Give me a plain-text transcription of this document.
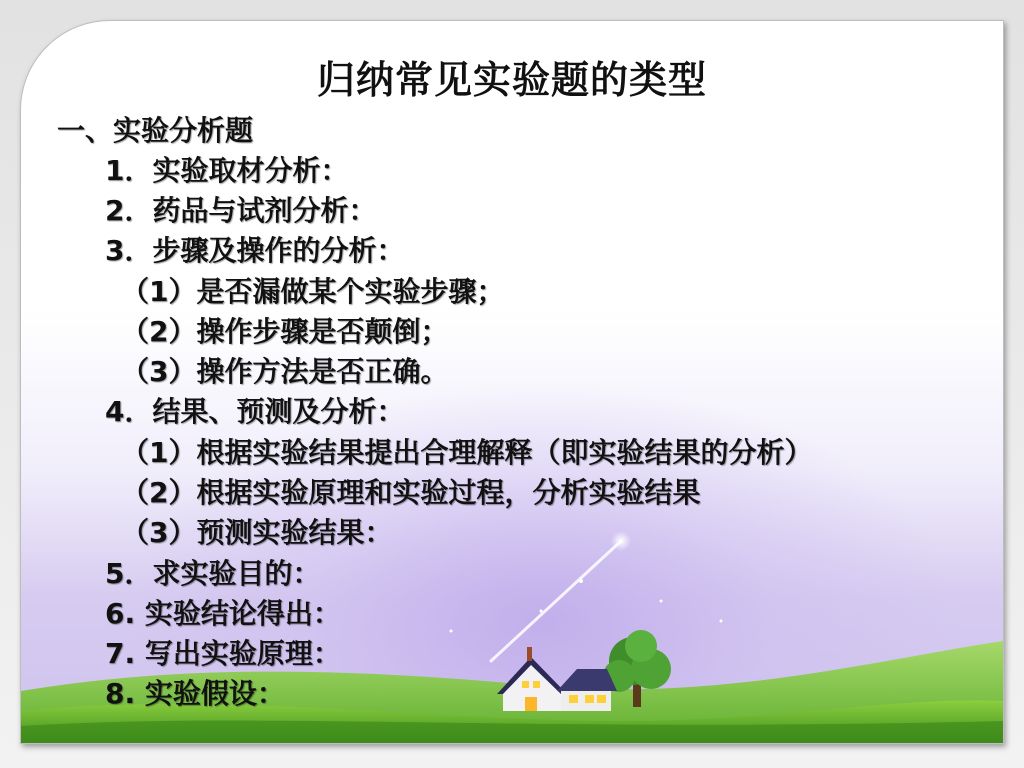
归纳常见实验题的类型
一、实验分析题
1．实验取材分析：
2．药品与试剂分析：
3．步骤及操作的分析：
（1）是否漏做某个实验步骤；
（2）操作步骤是否颠倒；
（3）操作方法是否正确。
4．结果、预测及分析：
（1）根据实验结果提出合理解释（即实验结果的分析）
（2）根据实验原理和实验过程，分析实验结果
（3）预测实验结果：
5．求实验目的：
6. 实验结论得出：
7. 写出实验原理：
8. 实验假设：
